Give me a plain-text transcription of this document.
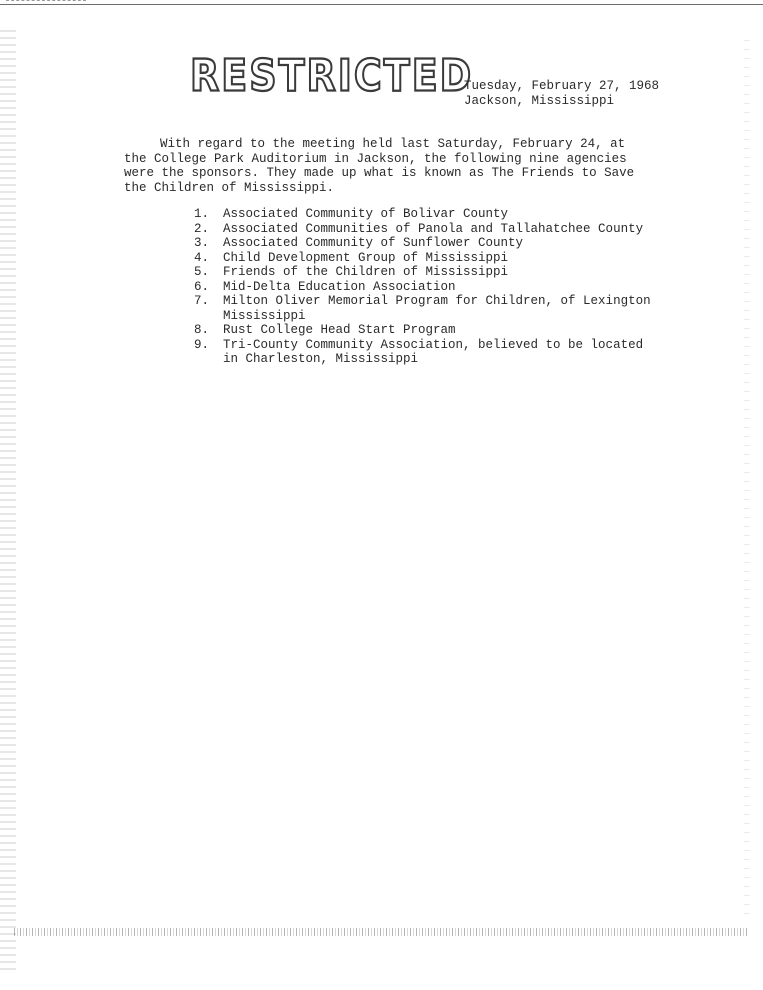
RESTRICTED
Tuesday, February 27, 1968
Jackson, Mississippi

With regard to the meeting held last Saturday, February 24, at the College Park Auditorium in Jackson, the following nine agencies were the sponsors. They made up what is known as The Friends to Save the Children of Mississippi.

1.	Associated Community of Bolivar County
2.	Associated Communities of Panola and Tallahatchee County
3.	Associated Community of Sunflower County
4.	Child Development Group of Mississippi
5.	Friends of the Children of Mississippi
6.	Mid-Delta Education Association
7.	Milton Oliver Memorial Program for Children, of Lexington Mississippi
8.	Rust College Head Start Program
9.	Tri-County Community Association, believed to be located in Charleston, Mississippi
